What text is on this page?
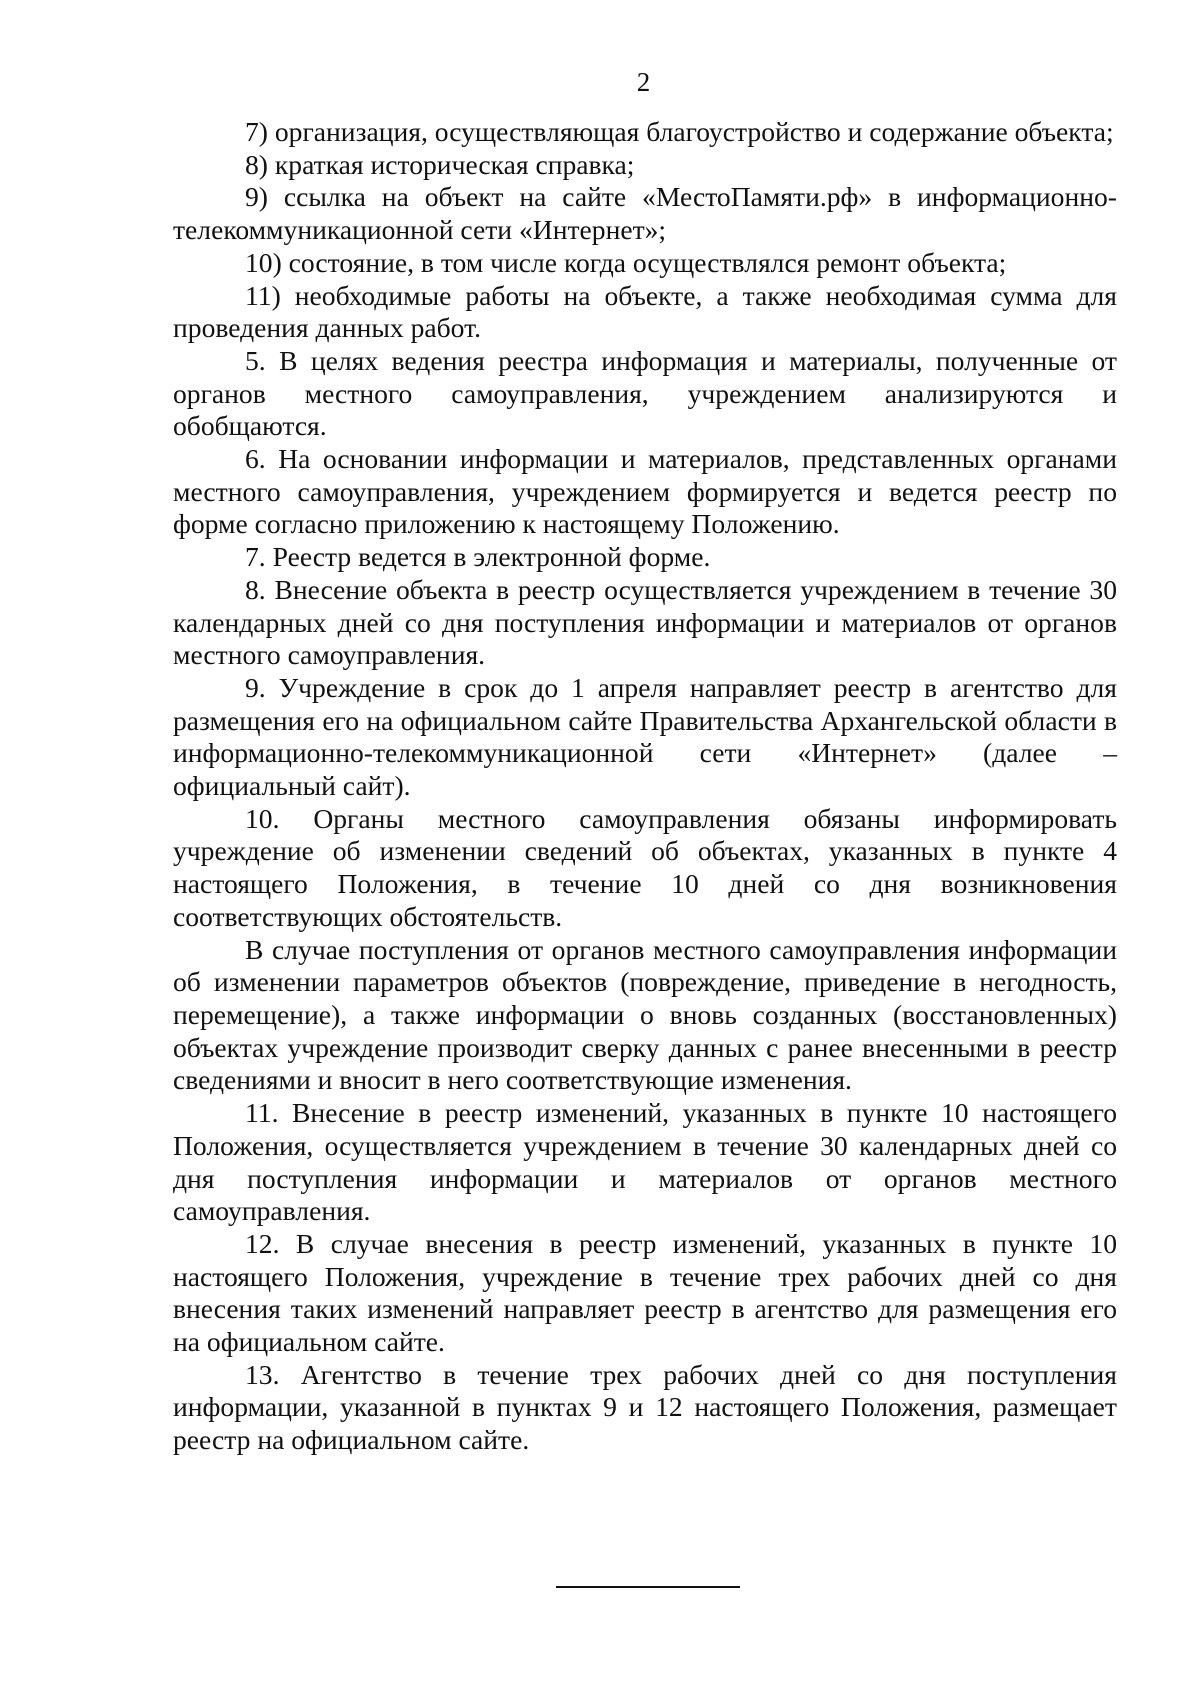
2

7) организация, осуществляющая благоустройство и содержание объекта;

8) краткая историческая справка;

9) ссылка на объект на сайте «МестоПамяти.рф» в информационно-телекоммуникационной сети «Интернет»;

10) состояние, в том числе когда осуществлялся ремонт объекта;

11) необходимые работы на объекте, а также необходимая сумма для проведения данных работ.

5. В целях ведения реестра информация и материалы, полученные от органов местного самоуправления, учреждением анализируются и обобщаются.

6. На основании информации и материалов, представленных органами местного самоуправления, учреждением формируется и ведется реестр по форме согласно приложению к настоящему Положению.

7. Реестр ведется в электронной форме.

8. Внесение объекта в реестр осуществляется учреждением в течение 30 календарных дней со дня поступления информации и материалов от органов местного самоуправления.

9. Учреждение в срок до 1 апреля направляет реестр в агентство для размещения его на официальном сайте Правительства Архангельской области в информационно-телекоммуникационной сети «Интернет» (далее – официальный сайт).

10. Органы местного самоуправления обязаны информировать учреждение об изменении сведений об объектах, указанных в пункте 4 настоящего Положения, в течение 10 дней со дня возникновения соответствующих обстоятельств.

В случае поступления от органов местного самоуправления информации об изменении параметров объектов (повреждение, приведение в негодность, перемещение), а также информации о вновь созданных (восстановленных) объектах учреждение производит сверку данных с ранее внесенными в реестр сведениями и вносит в него соответствующие изменения.

11. Внесение в реестр изменений, указанных в пункте 10 настоящего Положения, осуществляется учреждением в течение 30 календарных дней со дня поступления информации и материалов от органов местного самоуправления.

12. В случае внесения в реестр изменений, указанных в пункте 10 настоящего Положения, учреждение в течение трех рабочих дней со дня внесения таких изменений направляет реестр в агентство для размещения его на официальном сайте.

13. Агентство в течение трех рабочих дней со дня поступления информации, указанной в пунктах 9 и 12 настоящего Положения, размещает реестр на официальном сайте.
